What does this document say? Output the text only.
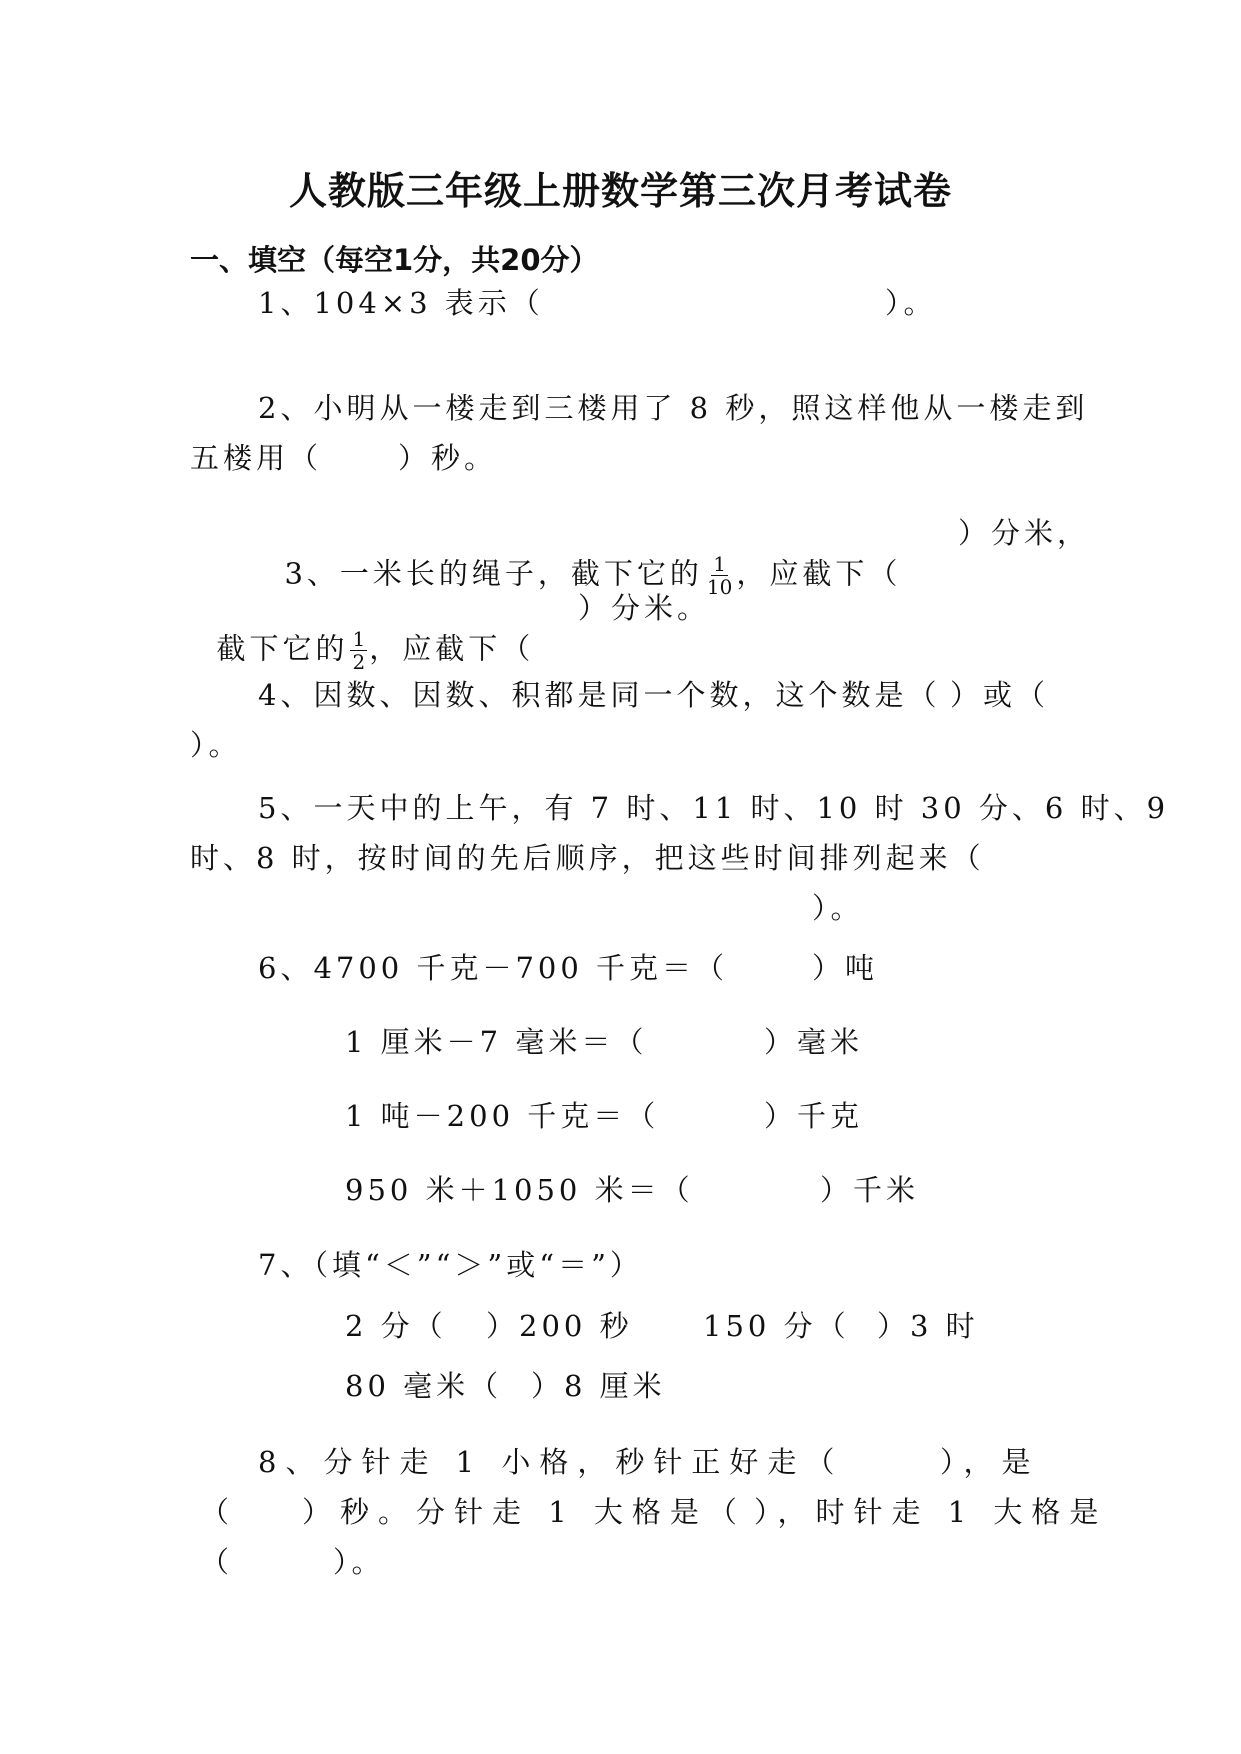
人教版三年级上册数学第三次月考试卷
一、填空（每空1分，共20分）
1、104×3 表示（	）。
2、小明从一楼走到三楼用了 8 秒，照这样他从一楼走到
五楼用（	）秒。

3、一米长的绳子，截下它的 $\frac{1}{10}$ ，应截下（

）分米，

截下它的 $\frac{1}{2}$ ，应截下（

）分米。
4、因数、因数、积都是同一个数，这个数是（ ）或（
）。
5、一天中的上午，有 7 时、11 时、10 时 30 分、6 时、9
时、8 时，按时间的先后顺序，把这些时间排列起来（
）。
6、4700 千克－700 千克＝（	）吨
1 厘米－7 毫米＝（	）毫米
1 吨－200 千克＝（	）千克
950 米＋1050 米＝（	）千米
7、（填“＜”“＞”或“＝”）
2 分（ ）200 秒 150 分（ ）3 时
80 毫米（ ）8 厘米
8、分针走 1 小格，秒针正好走（	），是
（ ）秒。分针走 1 大格是（ ），时针走 1 大格是
（	）。
